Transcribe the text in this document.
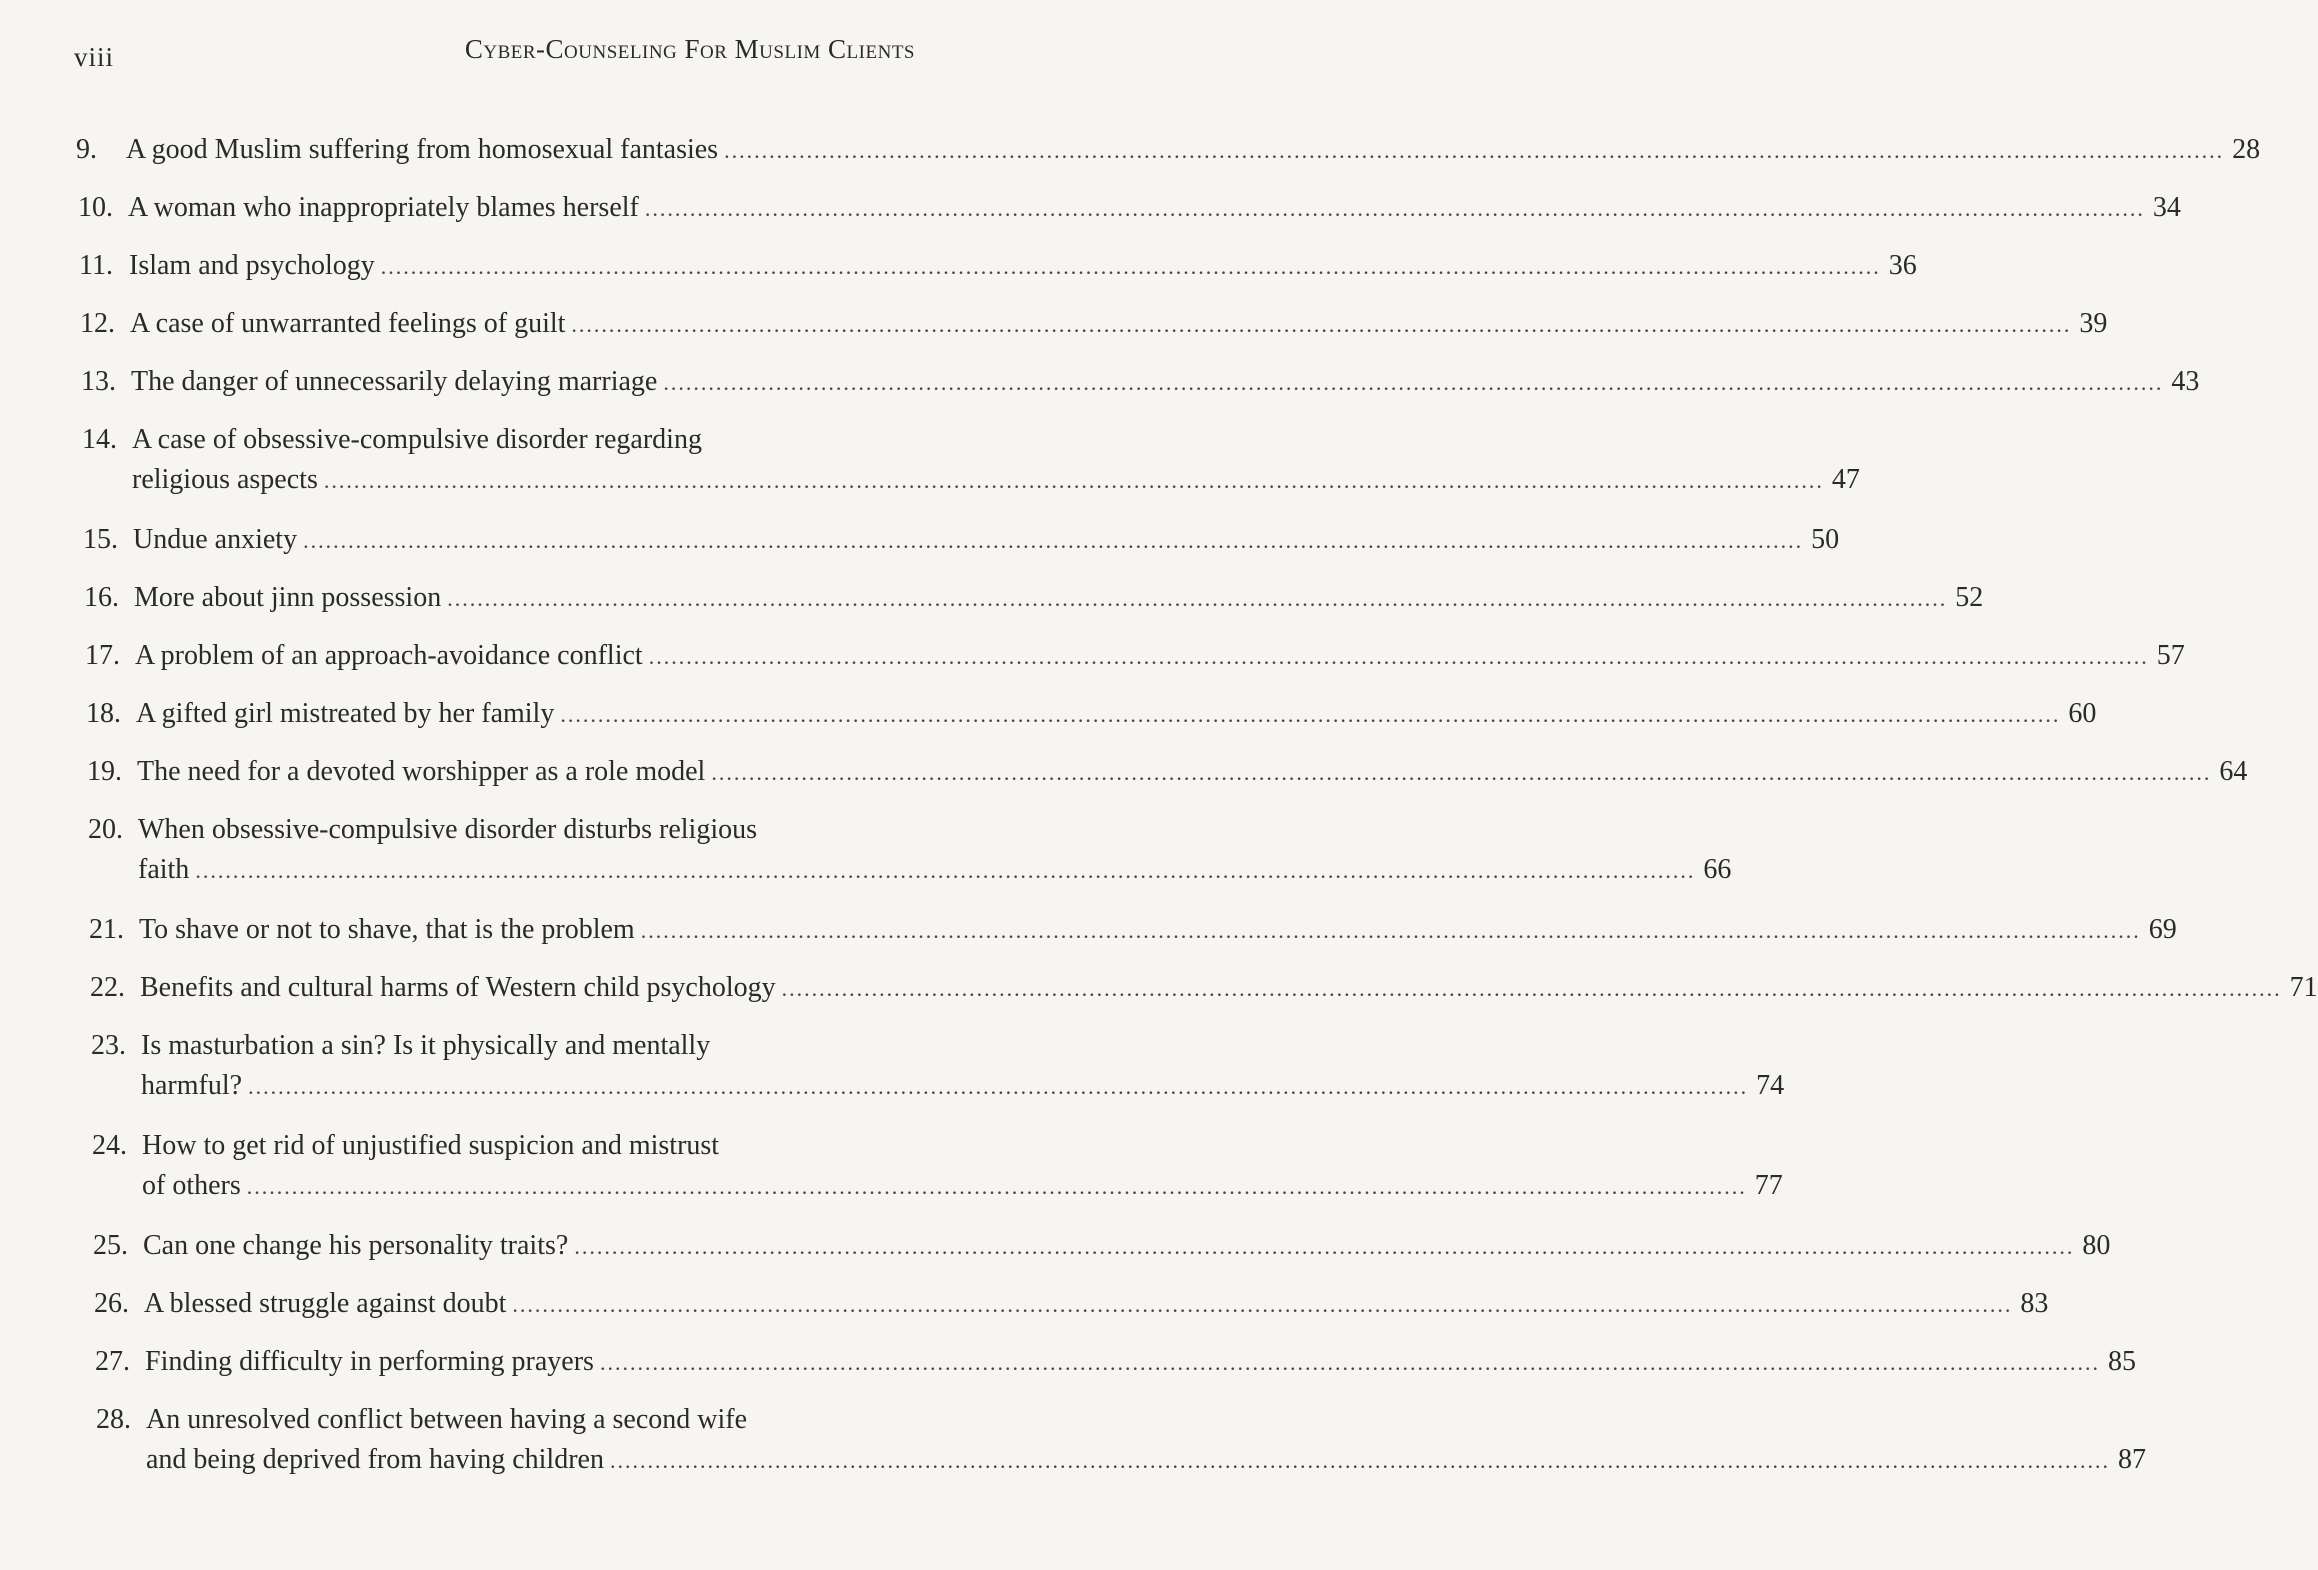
viii	Cyber-Counseling For Muslim Clients
9.	A good Muslim suffering from homosexual fantasies ........................................................................................................................................................................................................ 28
10. A woman who inappropriately blames herself ........................................................................................................................................................................................................ 34
11. Islam and psychology ........................................................................................................................................................................................................ 36
12. A case of unwarranted feelings of guilt ........................................................................................................................................................................................................ 39
13. The danger of unnecessarily delaying marriage ........................................................................................................................................................................................................ 43
14. A case of obsessive-compulsive disorder regarding
religious aspects ........................................................................................................................................................................................................ 47
15. Undue anxiety ........................................................................................................................................................................................................ 50
16. More about jinn possession ........................................................................................................................................................................................................ 52
17. A problem of an approach-avoidance conflict ........................................................................................................................................................................................................ 57
18. A gifted girl mistreated by her family ........................................................................................................................................................................................................ 60
19. The need for a devoted worshipper as a role model ........................................................................................................................................................................................................ 64
20. When obsessive-compulsive disorder disturbs religious
faith ........................................................................................................................................................................................................ 66
21. To shave or not to shave, that is the problem ........................................................................................................................................................................................................ 69
22. Benefits and cultural harms of Western child psychology ........................................................................................................................................................................................................ 71
23. Is masturbation a sin? Is it physically and mentally
harmful? ........................................................................................................................................................................................................ 74
24. How to get rid of unjustified suspicion and mistrust
of others ........................................................................................................................................................................................................ 77
25. Can one change his personality traits? ........................................................................................................................................................................................................ 80
26. A blessed struggle against doubt ........................................................................................................................................................................................................ 83
27. Finding difficulty in performing prayers ........................................................................................................................................................................................................ 85
28. An unresolved conflict between having a second wife
and being deprived from having children ........................................................................................................................................................................................................ 87
